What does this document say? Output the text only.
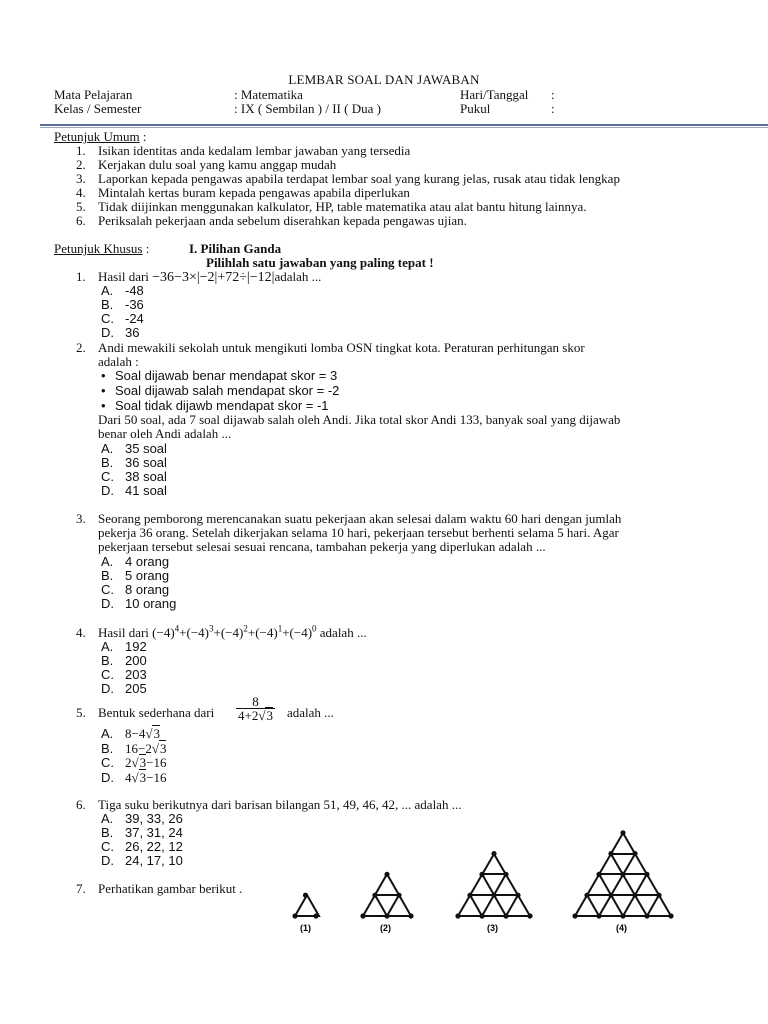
LEMBAR SOAL DAN JAWABAN
Mata Pelajaran	: Matematika	Hari/Tanggal :
Kelas / Semester	: IX ( Sembilan ) / II ( Dua )	Pukul	:
Petunjuk Umum :
1. Isikan identitas anda kedalam lembar jawaban yang tersedia
2. Kerjakan dulu soal yang kamu anggap mudah
3. Laporkan kepada pengawas apabila terdapat lembar soal yang kurang jelas, rusak atau tidak lengkap
4. Mintalah kertas buram kepada pengawas apabila diperlukan
5. Tidak diijinkan menggunakan kalkulator, HP, table matematika atau alat bantu hitung lainnya.
6. Periksalah pekerjaan anda sebelum diserahkan kepada pengawas ujian.
Petunjuk Khusus :	I. Pilihan Ganda
Pilihlah satu jawaban yang paling tepat !
1. Hasil dari −36−3×|−2|+72÷|−12|adalah ...
A. -48
B. -36
C. -24
D. 36
2. Andi mewakili sekolah untuk mengikuti lomba OSN tingkat kota. Peraturan perhitungan skor
adalah :
• Soal dijawab benar mendapat skor = 3
• Soal dijawab salah mendapat skor = -2
• Soal tidak dijawb mendapat skor = -1
Dari 50 soal, ada 7 soal dijawab salah oleh Andi. Jika total skor Andi 133, banyak soal yang dijawab
benar oleh Andi adalah ...
A. 35 soal
B. 36 soal
C. 38 soal
D. 41 soal
3. Seorang pemborong merencanakan suatu pekerjaan akan selesai dalam waktu 60 hari dengan jumlah
pekerja 36 orang. Setelah dikerjakan selama 10 hari, pekerjaan tersebut berhenti selama 5 hari. Agar
pekerjaan tersebut selesai sesuai rencana, tambahan pekerja yang diperlukan adalah ...
A. 4 orang
B. 5 orang
C. 8 orang
D. 10 orang
4. Hasil dari $(-4)^4+(-4)^3+(-4)^2+(-4)^1+(-4)^0$ adalah ...
A. 192
B. 200
C. 203
D. 205
5. Bentuk sederhana dari $\frac{8}{4+2√3}$ adalah ...
A. 8−4√3
B. 16−2√3
C. 2√3−16
D. 4√3−16
6. Tiga suku berikutnya dari barisan bilangan 51, 49, 46, 42, ... adalah ...
A. 39, 33, 26
B. 37, 31, 24
C. 26, 22, 12
D. 24, 17, 10
7. Perhatikan gambar berikut .
(1)	(2)	(3)	(4)
